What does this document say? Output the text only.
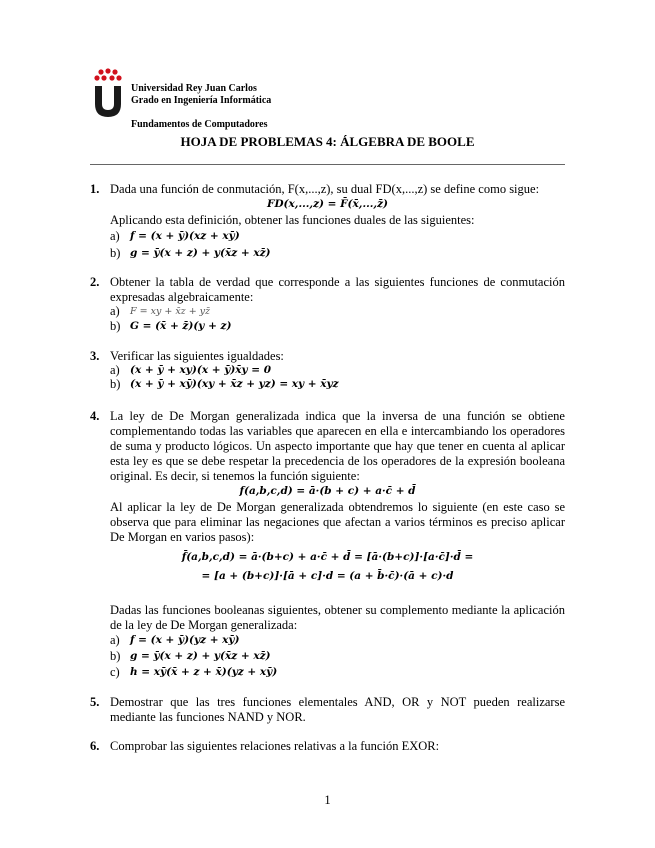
Universidad Rey Juan Carlos
Grado en Ingeniería Informática
Fundamentos de Computadores
HOJA DE PROBLEMAS 4: ÁLGEBRA DE BOOLE
1. Dada una función de conmutación, F(x,...,z), su dual FD(x,...,z) se define como sigue:
FD(x,...,z) = F̄(x̄,...,z̄)
Aplicando esta definición, obtener las funciones duales de las siguientes:
a) f = (x + ȳ)(xz + xȳ)
b) g = ȳ(x + z) + y(x̄z + xz̄)
2. Obtener la tabla de verdad que corresponde a las siguientes funciones de conmutación expresadas algebraicamente:
a) F = xy + x̄z + yz̄
b) G = (x̄ + z̄)(y + z)
3. Verificar las siguientes igualdades:
a) (x + ȳ + xy)(x + ȳ)x̄y = 0
b) (x + ȳ + xȳ)(xy + x̄z + yz) = xy + x̄yz
4. La ley de De Morgan generalizada indica que la inversa de una función se obtiene complementando todas las variables que aparecen en ella e intercambiando los operadores de suma y producto lógicos. Un aspecto importante que hay que tener en cuenta al aplicar esta ley es que se debe respetar la precedencia de los operadores de la expresión booleana original. Es decir, si tenemos la función siguiente:
f(a,b,c,d) = ā·(b + c) + a·c̄ + d̄
Al aplicar la ley de De Morgan generalizada obtendremos lo siguiente (en este caso se observa que para eliminar las negaciones que afectan a varios términos es preciso aplicar De Morgan en varios pasos):
f̄(a,b,c,d) = ā·(b+c) + a·c̄ + d̄ = [ā·(b+c)]·[a·c̄]·d̄ =
= [a + (b+c)]·[ā + c]·d = (a + b̄·c̄)·(ā + c)·d
Dadas las funciones booleanas siguientes, obtener su complemento mediante la aplicación de la ley de De Morgan generalizada:
a) f = (x + ȳ)(yz + xȳ)
b) g = ȳ(x + z) + y(x̄z + xz̄)
c) h = xȳ(x̄ + z + x̄)(yz + xȳ)
5. Demostrar que las tres funciones elementales AND, OR y NOT pueden realizarse mediante las funciones NAND y NOR.
6. Comprobar las siguientes relaciones relativas a la función EXOR:
1
